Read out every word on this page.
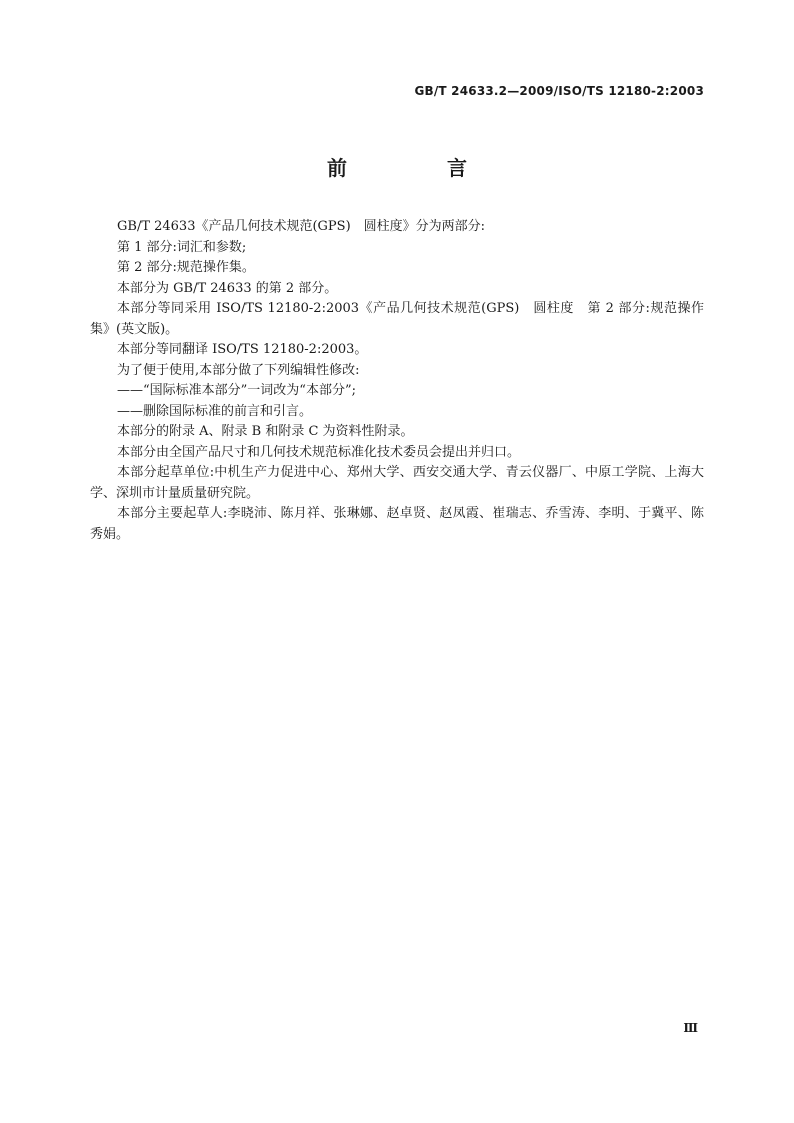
GB/T 24633.2—2009/ISO/TS 12180-2:2003
前　言

GB/T 24633《产品几何技术规范(GPS)　圆柱度》分为两部分:

第 1 部分:词汇和参数;

第 2 部分:规范操作集。

本部分为 GB/T 24633 的第 2 部分。

本部分等同采用 ISO/TS 12180-2:2003《产品几何技术规范(GPS)　圆柱度　第 2 部分:规范操作集》(英文版)。

本部分等同翻译 ISO/TS 12180-2:2003。

为了便于使用,本部分做了下列编辑性修改:

——“国际标准本部分”一词改为“本部分”;

——删除国际标准的前言和引言。

本部分的附录 A、附录 B 和附录 C 为资料性附录。

本部分由全国产品尺寸和几何技术规范标准化技术委员会提出并归口。

本部分起草单位:中机生产力促进中心、郑州大学、西安交通大学、青云仪器厂、中原工学院、上海大学、深圳市计量质量研究院。

本部分主要起草人:李晓沛、陈月祥、张琳娜、赵卓贤、赵凤霞、崔瑞志、乔雪涛、李明、于冀平、陈秀娟。

Ⅲ
